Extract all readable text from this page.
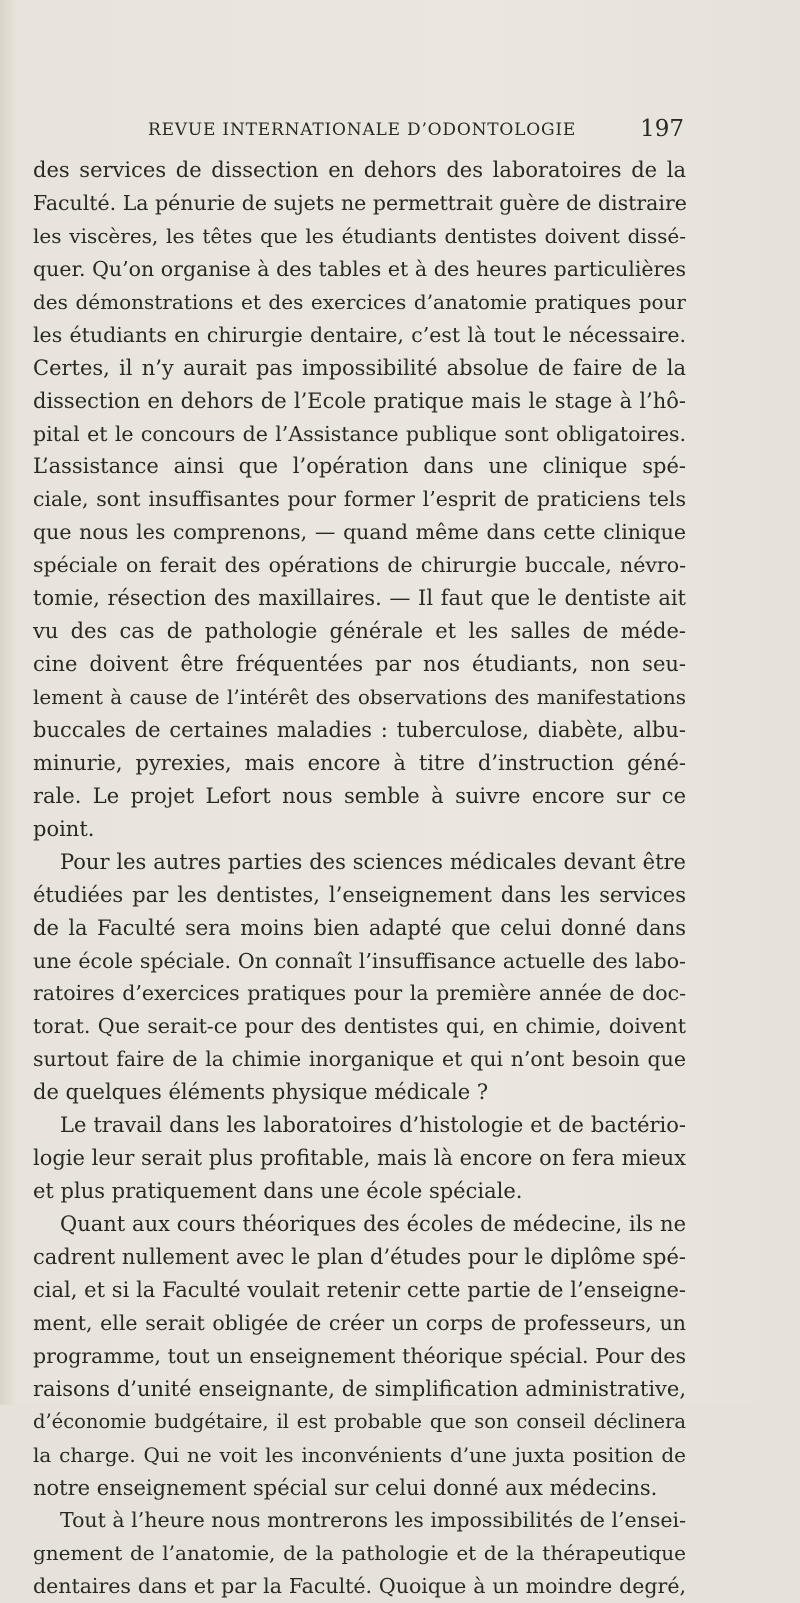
REVUE INTERNATIONALE D’ODONTOLOGIE	197
des services de dissection en dehors des laboratoires de la
Faculté. La pénurie de sujets ne permettrait guère de distraire
les viscères, les têtes que les étudiants dentistes doivent dissé-
quer. Qu’on organise à des tables et à des heures particulières
des démonstrations et des exercices d’anatomie pratiques pour
les étudiants en chirurgie dentaire, c’est là tout le nécessaire.
Certes, il n’y aurait pas impossibilité absolue de faire de la
dissection en dehors de l’Ecole pratique mais le stage à l’hô-
pital et le concours de l’Assistance publique sont obligatoires.
L’assistance ainsi que l’opération dans une clinique spé-
ciale, sont insuffisantes pour former l’esprit de praticiens tels
que nous les comprenons, — quand même dans cette clinique
spéciale on ferait des opérations de chirurgie buccale, névro-
tomie, résection des maxillaires. — Il faut que le dentiste ait
vu des cas de pathologie générale et les salles de méde-
cine doivent être fréquentées par nos étudiants, non seu-
lement à cause de l’intérêt des observations des manifestations
buccales de certaines maladies : tuberculose, diabète, albu-
minurie, pyrexies, mais encore à titre d’instruction géné-
rale. Le projet Lefort nous semble à suivre encore sur ce
point.
Pour les autres parties des sciences médicales devant être
étudiées par les dentistes, l’enseignement dans les services
de la Faculté sera moins bien adapté que celui donné dans
une école spéciale. On connaît l’insuffisance actuelle des labo-
ratoires d’exercices pratiques pour la première année de doc-
torat. Que serait-ce pour des dentistes qui, en chimie, doivent
surtout faire de la chimie inorganique et qui n’ont besoin que
de quelques éléments physique médicale ?
Le travail dans les laboratoires d’histologie et de bactério-
logie leur serait plus profitable, mais là encore on fera mieux
et plus pratiquement dans une école spéciale.
Quant aux cours théoriques des écoles de médecine, ils ne
cadrent nullement avec le plan d’études pour le diplôme spé-
cial, et si la Faculté voulait retenir cette partie de l’enseigne-
ment, elle serait obligée de créer un corps de professeurs, un
programme, tout un enseignement théorique spécial. Pour des
raisons d’unité enseignante, de simplification administrative,
d’économie budgétaire, il est probable que son conseil déclinera
la charge. Qui ne voit les inconvénients d’une juxta position de
notre enseignement spécial sur celui donné aux médecins.
Tout à l’heure nous montrerons les impossibilités de l’ensei-
gnement de l’anatomie, de la pathologie et de la thérapeutique
dentaires dans et par la Faculté. Quoique à un moindre degré,
